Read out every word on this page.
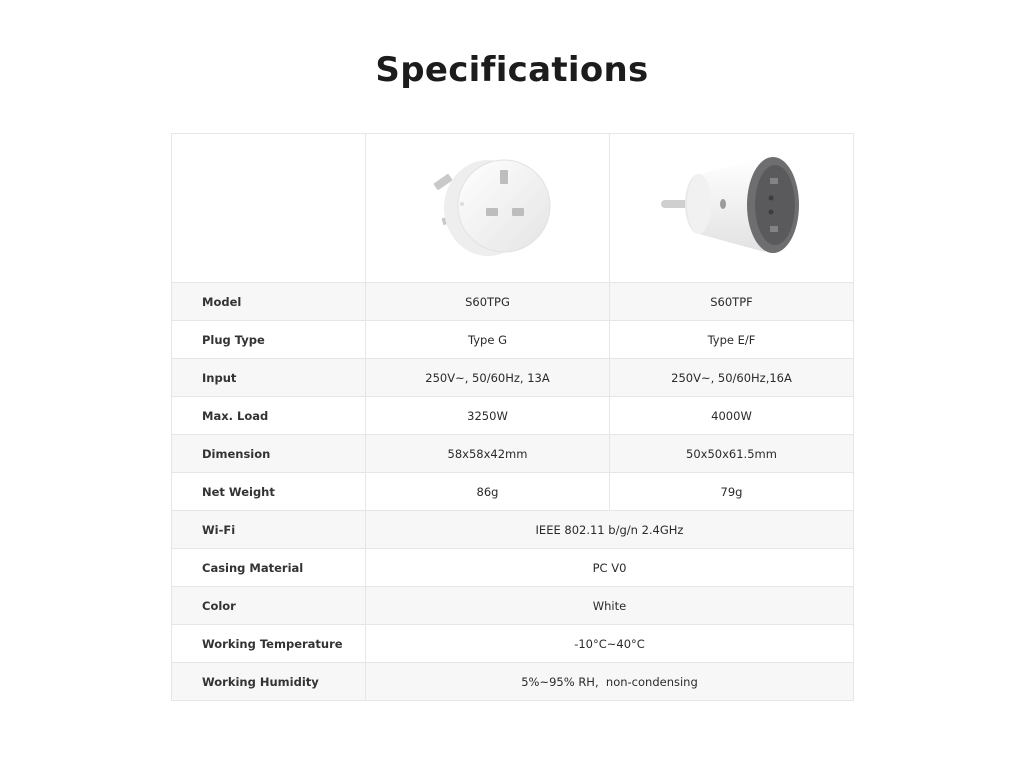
Specifications

Model	S60TPG	S60TPF
Plug Type	Type G	Type E/F
Input	250V~, 50/60Hz, 13A	250V~, 50/60Hz,16A
Max. Load	3250W	4000W
Dimension	58x58x42mm	50x50x61.5mm
Net Weight	86g	79g
Wi-Fi	IEEE 802.11 b/g/n 2.4GHz	
Casing Material	PC V0	
Color	White	
Working Temperature	-10°C~40°C	
Working Humidity	5%~95% RH,  non-condensing	
